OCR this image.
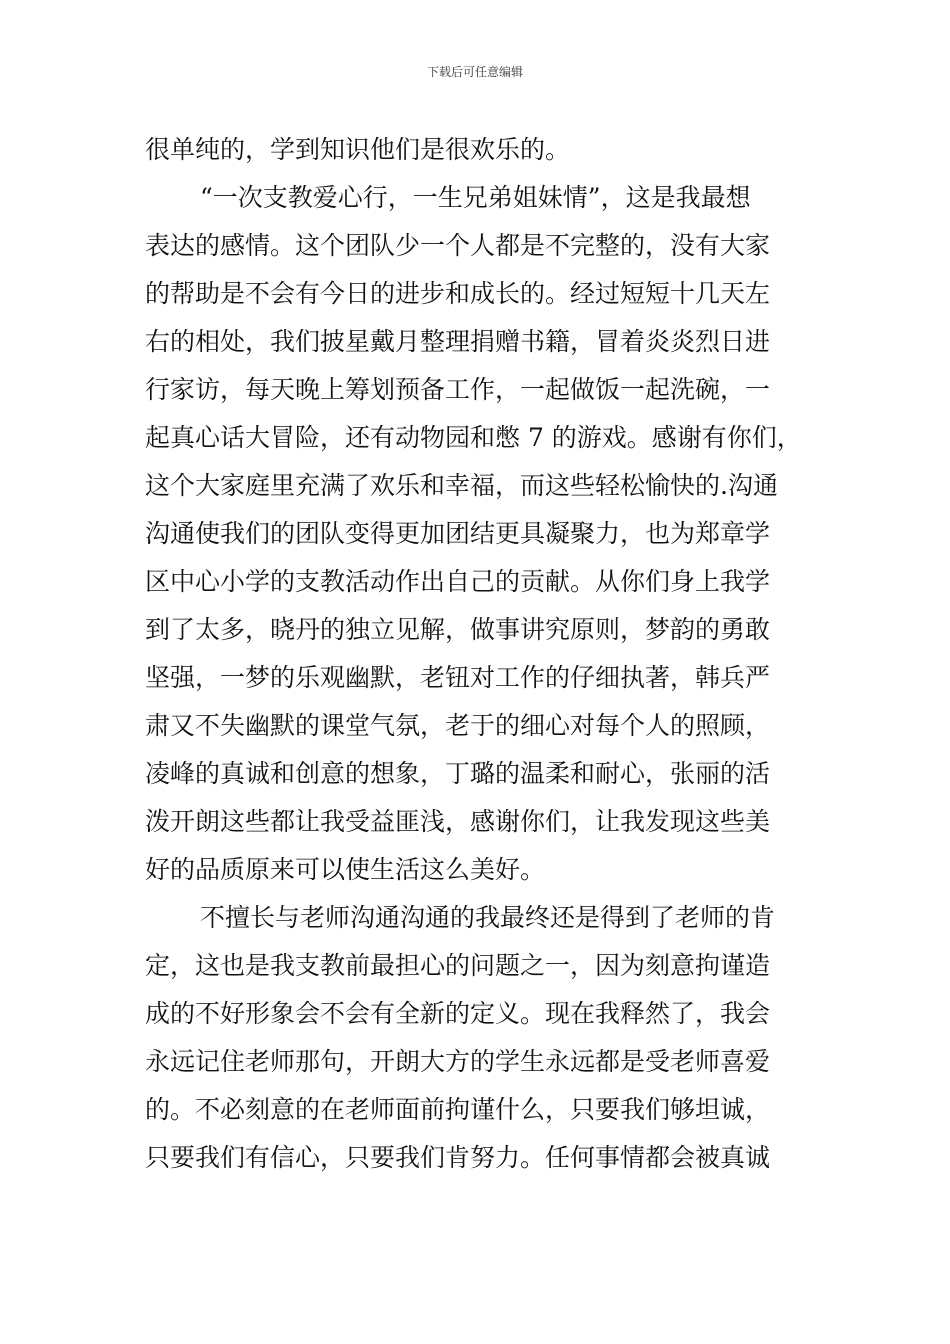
下载后可任意编辑
很单纯的，学到知识他们是很欢乐的。
“一次支教爱心行，一生兄弟姐妹情”，这是我最想
表达的感情。这个团队少一个人都是不完整的，没有大家
的帮助是不会有今日的进步和成长的。经过短短十几天左
右的相处，我们披星戴月整理捐赠书籍，冒着炎炎烈日进
行家访，每天晚上筹划预备工作，一起做饭一起洗碗，一
起真心话大冒险，还有动物园和憋 7 的游戏。感谢有你们，
这个大家庭里充满了欢乐和幸福，而这些轻松愉快的.沟通
沟通使我们的团队变得更加团结更具凝聚力，也为郑章学
区中心小学的支教活动作出自己的贡献。从你们身上我学
到了太多，晓丹的独立见解，做事讲究原则，梦韵的勇敢
坚强，一梦的乐观幽默，老钮对工作的仔细执著，韩兵严
肃又不失幽默的课堂气氛，老于的细心对每个人的照顾，
凌峰的真诚和创意的想象，丁璐的温柔和耐心，张丽的活
泼开朗这些都让我受益匪浅，感谢你们，让我发现这些美
好的品质原来可以使生活这么美好。
不擅长与老师沟通沟通的我最终还是得到了老师的肯
定，这也是我支教前最担心的问题之一，因为刻意拘谨造
成的不好形象会不会有全新的定义。现在我释然了，我会
永远记住老师那句，开朗大方的学生永远都是受老师喜爱
的。不必刻意的在老师面前拘谨什么，只要我们够坦诚，
只要我们有信心，只要我们肯努力。任何事情都会被真诚
